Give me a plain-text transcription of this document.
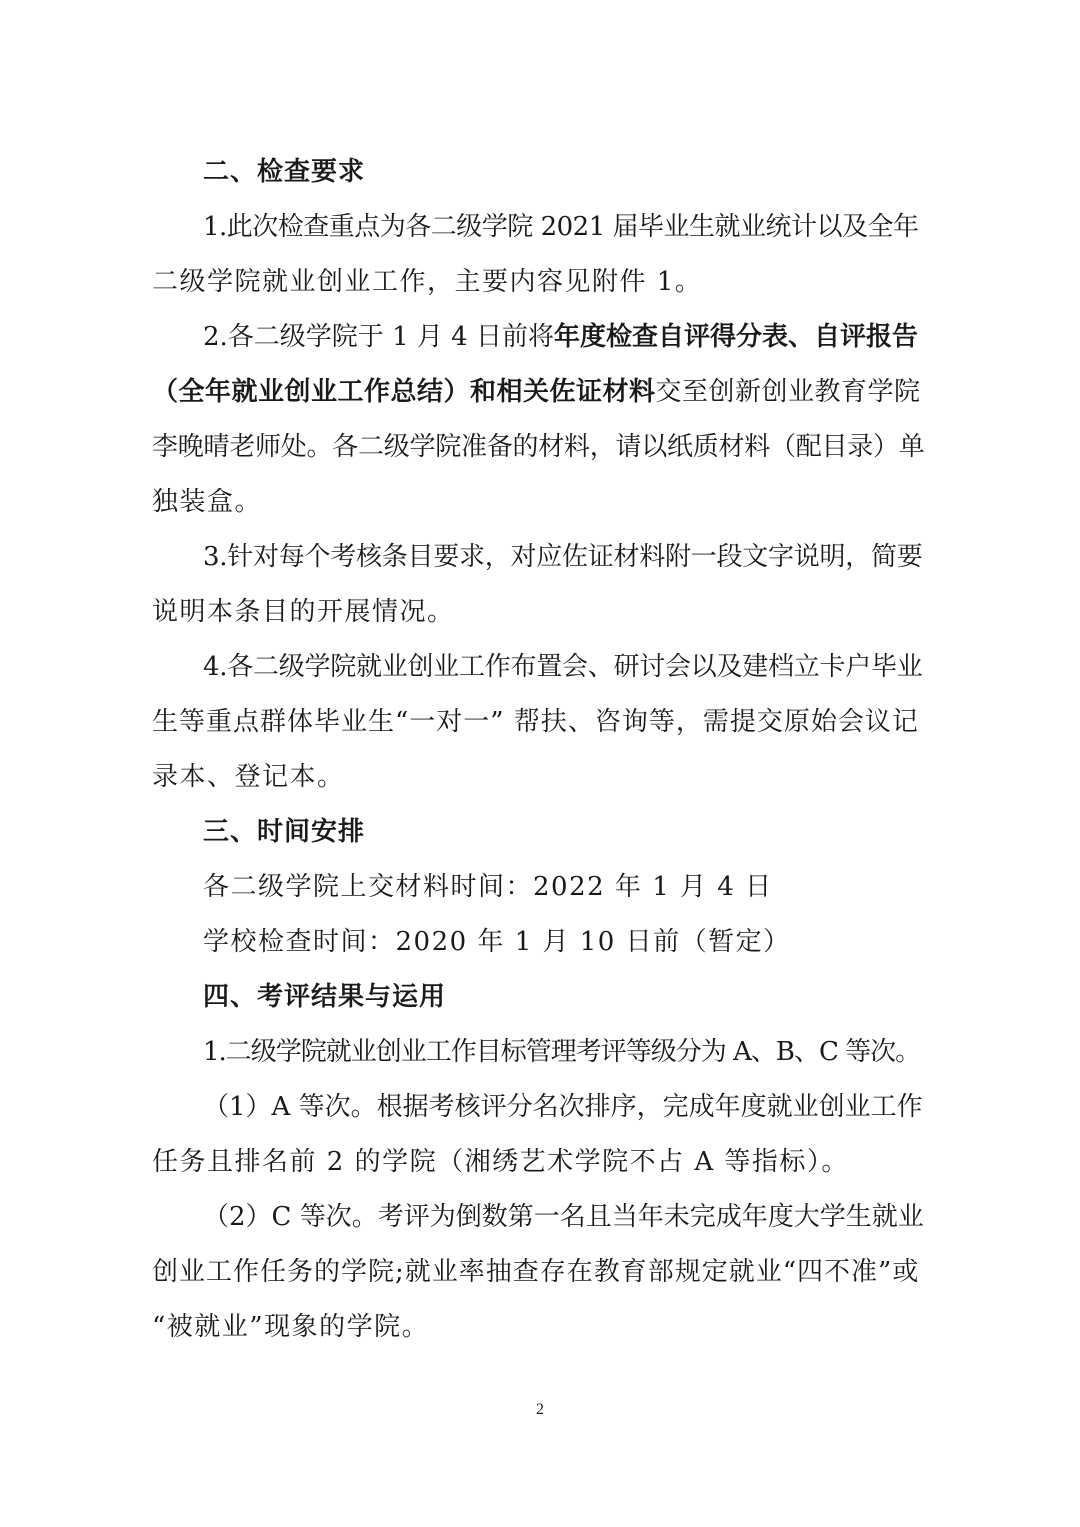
二、检查要求
1.此次检查重点为各二级学院 2021 届毕业生就业统计以及全年
二级学院就业创业工作，主要内容见附件 1。
2.各二级学院于 1 月 4 日前将年度检查自评得分表、自评报告
（全年就业创业工作总结）和相关佐证材料交至创新创业教育学院
李晚晴老师处。各二级学院准备的材料，请以纸质材料（配目录）单
独装盒。
3.针对每个考核条目要求，对应佐证材料附一段文字说明，简要
说明本条目的开展情况。
4.各二级学院就业创业工作布置会、研讨会以及建档立卡户毕业
生等重点群体毕业生“一对一” 帮扶、咨询等，需提交原始会议记
录本、登记本。
三、时间安排
各二级学院上交材料时间：2022 年 1 月 4 日
学校检查时间：2020 年 1 月 10 日前（暂定）
四、考评结果与运用
1.二级学院就业创业工作目标管理考评等级分为 A、B、C 等次。
（1）A 等次。根据考核评分名次排序，完成年度就业创业工作
任务且排名前 2 的学院（湘绣艺术学院不占 A 等指标）。
（2）C 等次。考评为倒数第一名且当年未完成年度大学生就业
创业工作任务的学院;就业率抽查存在教育部规定就业“四不准”或
“被就业”现象的学院。
2
